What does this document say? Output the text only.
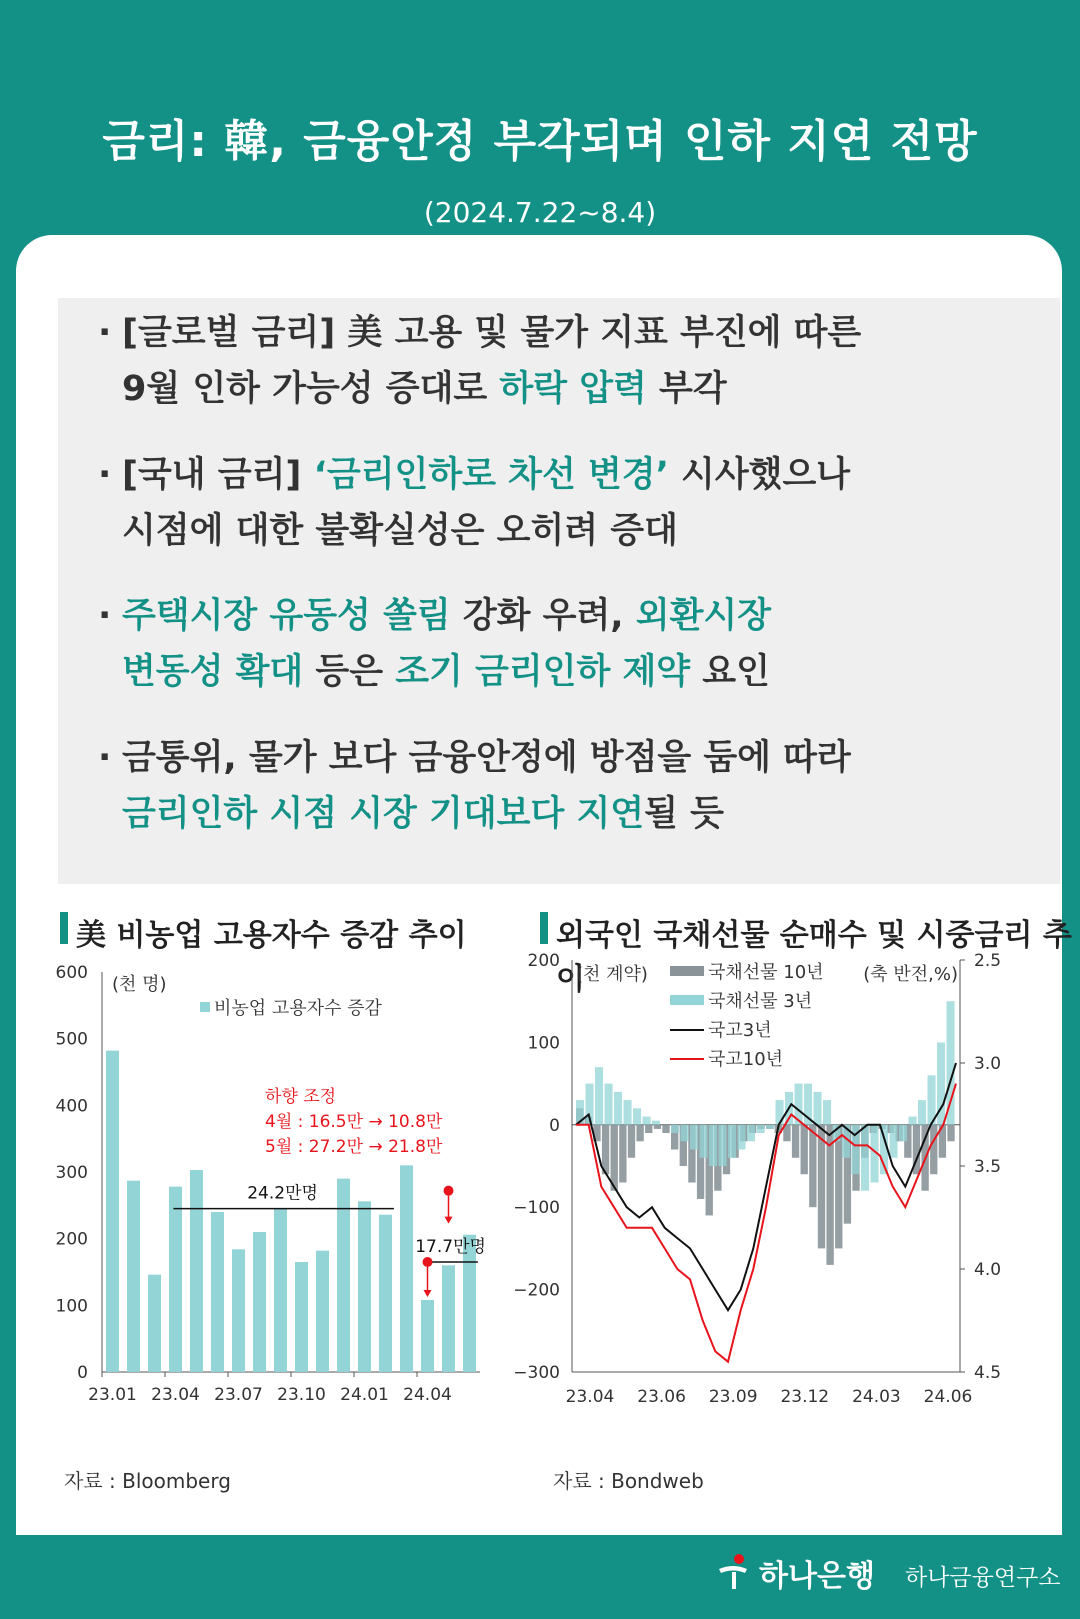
금리: 韓, 금융안정 부각되며 인하 지연 전망
(2024.7.22~8.4)
· [글로벌 금리] 美 고용 및 물가 지표 부진에 따른
9월 인하 가능성 증대로 하락 압력 부각
· [국내 금리] ‘금리인하로 차선 변경’ 시사했으나
시점에 대한 불확실성은 오히려 증대
· 주택시장 유동성 쏠림 강화 우려, 외환시장
변동성 확대 등은 조기 금리인하 제약 요인
· 금통위, 물가 보다 금융안정에 방점을 둠에 따라
금리인하 시점 시장 기대보다 지연될 듯
美 비농업 고용자수 증감 추이	외국인 국채선물 순매수 및 시중금리 추이
0
100
200
300
400
500
600
23.01 23.04 23.07 23.10 24.01 24.04
(천 명)
비농업 고용자수 증감
24.2만명
17.7만명
하향 조정
4월 : 16.5만 → 10.8만
5월 : 27.2만 → 21.8만
−300
−200
−100
0
100
200	2.5
3.0
3.5
4.0
4.5
23.04 23.06 23.09 23.12 24.03 24.06
(천 계약)	(축 반전,%)
국채선물 10년
국채선물 3년
국고3년
국고10년
자료 : Bloomberg	자료 : Bondweb
하나은행 하나금융연구소
